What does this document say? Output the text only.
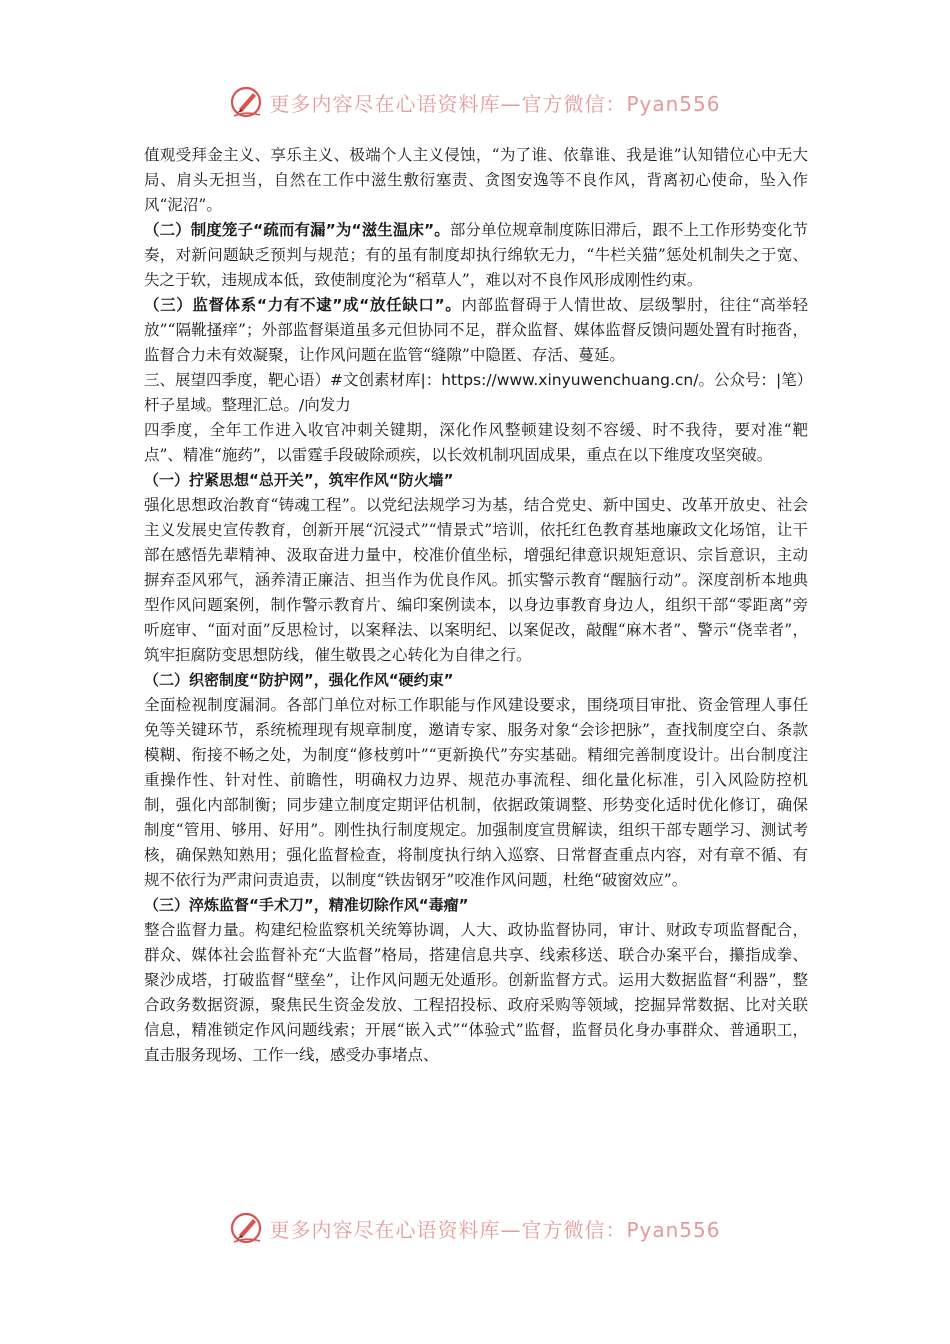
更多内容尽在心语资料库—官方微信：Pyan556

值观受拜金主义、享乐主义、极端个人主义侵蚀，“为了谁、依靠谁、我是谁”认知错位心中无大局、肩头无担当，自然在工作中滋生敷衍塞责、贪图安逸等不良作风，背离初心使命，坠入作风“泥沼”。

（二）制度笼子“疏而有漏”为“滋生温床”。部分单位规章制度陈旧滞后，跟不上工作形势变化节奏，对新问题缺乏预判与规范；有的虽有制度却执行绵软无力，“牛栏关猫”惩处机制失之于宽、失之于软，违规成本低，致使制度沦为“稻草人”，难以对不良作风形成刚性约束。

（三）监督体系“力有不逮”成“放任缺口”。内部监督碍于人情世故、层级掣肘，往往“高举轻放”“隔靴搔痒”；外部监督渠道虽多元但协同不足，群众监督、媒体监督反馈问题处置有时拖沓，监督合力未有效凝聚，让作风问题在监管“缝隙”中隐匿、存活、蔓延。

三、展望四季度，靶心语）#文创素材库|：https://www.xinyuwenchuang.cn/。公众号：|笔）杆子星域。整理汇总。/向发力

四季度，全年工作进入收官冲刺关键期，深化作风整顿建设刻不容缓、时不我待，要对准“靶点”、精准“施药”，以雷霆手段破除顽疾，以长效机制巩固成果，重点在以下维度攻坚突破。

（一）拧紧思想“总开关”，筑牢作风“防火墙”

强化思想政治教育“铸魂工程”。以党纪法规学习为基，结合党史、新中国史、改革开放史、社会主义发展史宣传教育，创新开展“沉浸式”“情景式”培训，依托红色教育基地廉政文化场馆，让干部在感悟先辈精神、汲取奋进力量中，校准价值坐标，增强纪律意识规矩意识、宗旨意识，主动摒弃歪风邪气，涵养清正廉洁、担当作为优良作风。抓实警示教育“醒脑行动”。深度剖析本地典型作风问题案例，制作警示教育片、编印案例读本，以身边事教育身边人，组织干部“零距离”旁听庭审、“面对面”反思检讨，以案释法、以案明纪、以案促改，敲醒“麻木者”、警示“侥幸者”，筑牢拒腐防变思想防线，催生敬畏之心转化为自律之行。

（二）织密制度“防护网”，强化作风“硬约束”

全面检视制度漏洞。各部门单位对标工作职能与作风建设要求，围绕项目审批、资金管理人事任免等关键环节，系统梳理现有规章制度，邀请专家、服务对象“会诊把脉”，查找制度空白、条款模糊、衔接不畅之处，为制度“修枝剪叶”“更新换代”夯实基础。精细完善制度设计。出台制度注重操作性、针对性、前瞻性，明确权力边界、规范办事流程、细化量化标准，引入风险防控机制，强化内部制衡；同步建立制度定期评估机制，依据政策调整、形势变化适时优化修订，确保制度“管用、够用、好用”。刚性执行制度规定。加强制度宣贯解读，组织干部专题学习、测试考核，确保熟知熟用；强化监督检查，将制度执行纳入巡察、日常督查重点内容，对有章不循、有规不依行为严肃问责追责，以制度“铁齿钢牙”咬准作风问题，杜绝“破窗效应”。

（三）淬炼监督“手术刀”，精准切除作风“毒瘤”

整合监督力量。构建纪检监察机关统筹协调，人大、政协监督协同，审计、财政专项监督配合，群众、媒体社会监督补充“大监督”格局，搭建信息共享、线索移送、联合办案平台，攥指成拳、聚沙成塔，打破监督“壁垒”，让作风问题无处遁形。创新监督方式。运用大数据监督“利器”，整合政务数据资源，聚焦民生资金发放、工程招投标、政府采购等领域，挖掘异常数据、比对关联信息，精准锁定作风问题线索；开展“嵌入式”“体验式”监督，监督员化身办事群众、普通职工，直击服务现场、工作一线，感受办事堵点、

更多内容尽在心语资料库—官方微信：Pyan556
